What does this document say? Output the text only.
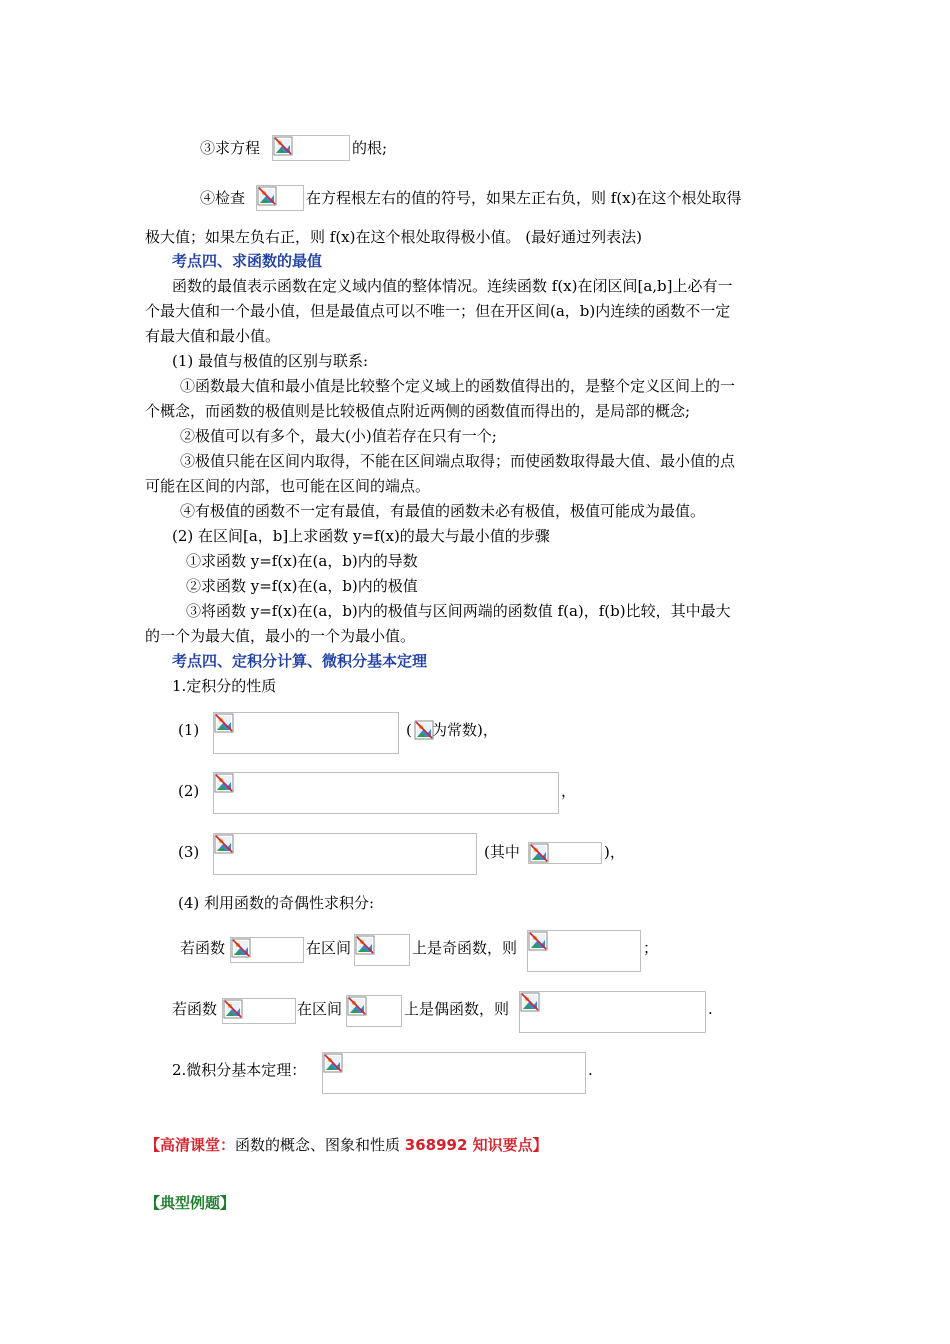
③求方程	的根;
④检查	在方程根左右的值的符号，如果左正右负，则 f(x)在这个根处取得
极大值；如果左负右正，则 f(x)在这个根处取得极小值。 (最好通过列表法)
考点四、求函数的最值
函数的最值表示函数在定义域内值的整体情况。连续函数 f(x)在闭区间[a,b]上必有一
个最大值和一个最小值，但是最值点可以不唯一；但在开区间(a，b)内连续的函数不一定
有最大值和最小值。
(1) 最值与极值的区别与联系:
①函数最大值和最小值是比较整个定义域上的函数值得出的，是整个定义区间上的一
个概念，而函数的极值则是比较极值点附近两侧的函数值而得出的，是局部的概念;
②极值可以有多个，最大(小)值若存在只有一个;
③极值只能在区间内取得，不能在区间端点取得；而使函数取得最大值、最小值的点
可能在区间的内部，也可能在区间的端点。
④有极值的函数不一定有最值，有最值的函数未必有极值，极值可能成为最值。
(2) 在区间[a，b]上求函数 y=f(x)的最大与最小值的步骤
①求函数 y=f(x)在(a，b)内的导数
②求函数 y=f(x)在(a，b)内的极值
③将函数 y=f(x)在(a，b)内的极值与区间两端的函数值 f(a)，f(b)比较，其中最大
的一个为最大值，最小的一个为最小值。
考点四、定积分计算、微积分基本定理
1.定积分的性质
(1)	( 为常数)，
(2)	，
(3)	(其中	)，
(4) 利用函数的奇偶性求积分:
若函数	在区间	上是奇函数，则	；
若函数	在区间	上是偶函数，则	.
2.微积分基本定理：	.
【高清课堂：函数的概念、图象和性质 368992 知识要点】
【典型例题】
